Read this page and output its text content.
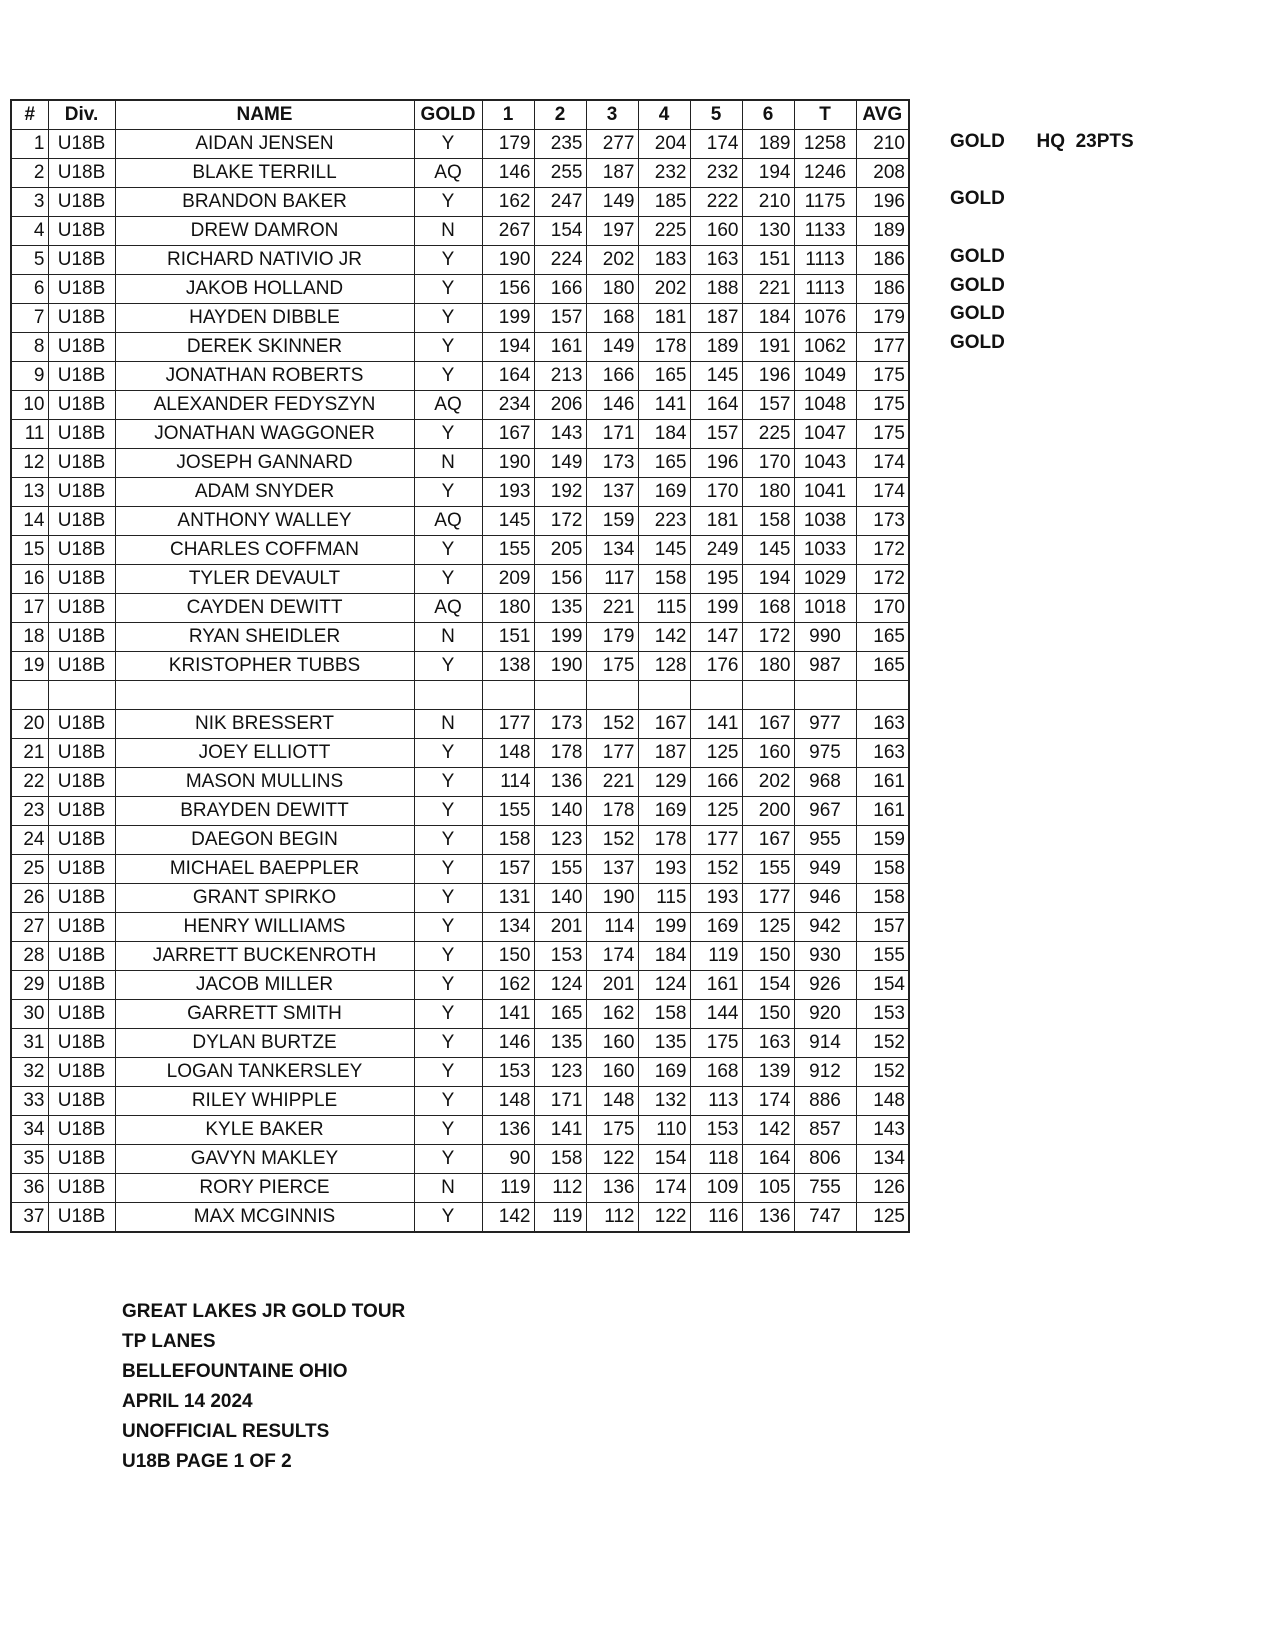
#	Div.	NAME	GOLD	1	2	3	4	5	6	T	AVG
1	U18B	AIDAN JENSEN	Y	179	235	277	204	174	189	1258	210
2	U18B	BLAKE TERRILL	AQ	146	255	187	232	232	194	1246	208
3	U18B	BRANDON BAKER	Y	162	247	149	185	222	210	1175	196
4	U18B	DREW DAMRON	N	267	154	197	225	160	130	1133	189
5	U18B	RICHARD NATIVIO JR	Y	190	224	202	183	163	151	1113	186
6	U18B	JAKOB HOLLAND	Y	156	166	180	202	188	221	1113	186
7	U18B	HAYDEN DIBBLE	Y	199	157	168	181	187	184	1076	179
8	U18B	DEREK SKINNER	Y	194	161	149	178	189	191	1062	177
9	U18B	JONATHAN ROBERTS	Y	164	213	166	165	145	196	1049	175
10	U18B	ALEXANDER FEDYSZYN	AQ	234	206	146	141	164	157	1048	175
11	U18B	JONATHAN WAGGONER	Y	167	143	171	184	157	225	1047	175
12	U18B	JOSEPH GANNARD	N	190	149	173	165	196	170	1043	174
13	U18B	ADAM SNYDER	Y	193	192	137	169	170	180	1041	174
14	U18B	ANTHONY WALLEY	AQ	145	172	159	223	181	158	1038	173
15	U18B	CHARLES COFFMAN	Y	155	205	134	145	249	145	1033	172
16	U18B	TYLER DEVAULT	Y	209	156	117	158	195	194	1029	172
17	U18B	CAYDEN DEWITT	AQ	180	135	221	115	199	168	1018	170
18	U18B	RYAN SHEIDLER	N	151	199	179	142	147	172	990	165
19	U18B	KRISTOPHER TUBBS	Y	138	190	175	128	176	180	987	165

20	U18B	NIK BRESSERT	N	177	173	152	167	141	167	977	163
21	U18B	JOEY ELLIOTT	Y	148	178	177	187	125	160	975	163
22	U18B	MASON MULLINS	Y	114	136	221	129	166	202	968	161
23	U18B	BRAYDEN DEWITT	Y	155	140	178	169	125	200	967	161
24	U18B	DAEGON BEGIN	Y	158	123	152	178	177	167	955	159
25	U18B	MICHAEL BAEPPLER	Y	157	155	137	193	152	155	949	158
26	U18B	GRANT SPIRKO	Y	131	140	190	115	193	177	946	158
27	U18B	HENRY WILLIAMS	Y	134	201	114	199	169	125	942	157
28	U18B	JARRETT BUCKENROTH	Y	150	153	174	184	119	150	930	155
29	U18B	JACOB MILLER	Y	162	124	201	124	161	154	926	154
30	U18B	GARRETT SMITH	Y	141	165	162	158	144	150	920	153
31	U18B	DYLAN BURTZE	Y	146	135	160	135	175	163	914	152
32	U18B	LOGAN TANKERSLEY	Y	153	123	160	169	168	139	912	152
33	U18B	RILEY WHIPPLE	Y	148	171	148	132	113	174	886	148
34	U18B	KYLE BAKER	Y	136	141	175	110	153	142	857	143
35	U18B	GAVYN MAKLEY	Y	90	158	122	154	118	164	806	134
36	U18B	RORY PIERCE	N	119	112	136	174	109	105	755	126
37	U18B	MAX MCGINNIS	Y	142	119	112	122	116	136	747	125
GOLD      HQ  23PTS
GOLD
GOLD
GOLD
GOLD
GOLD
GREAT LAKES JR GOLD TOUR
TP LANES
BELLEFOUNTAINE OHIO
APRIL 14 2024
UNOFFICIAL RESULTS
U18B PAGE 1 OF 2
